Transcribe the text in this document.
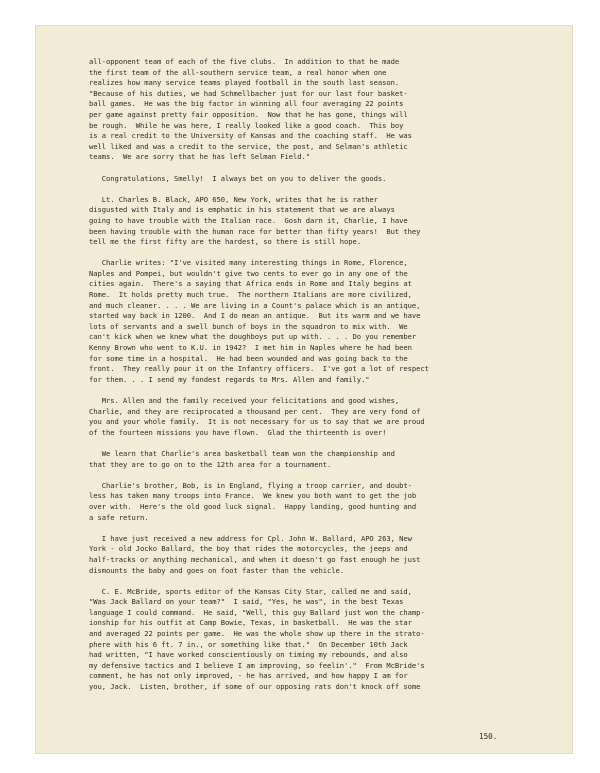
all-opponent team of each of the five clubs.  In addition to that he made
the first team of the all-southern service team, a real honor when one
realizes how many service teams played football in the south last season.
"Because of his duties, we had Schmellbacher just for our last four basket-
ball games.  He was the big factor in winning all four averaging 22 points
per game against pretty fair opposition.  Now that he has gone, things will
be rough.  While he was here, I really looked like a good coach.  This boy
is a real credit to the University of Kansas and the coaching staff.  He was
well liked and was a credit to the service, the post, and Selman's athletic
teams.  We are sorry that he has left Selman Field."
Congratulations, Smelly!  I always bet on you to deliver the goods.
Lt. Charles B. Black, APO 650, New York, writes that he is rather
disgusted with Italy and is emphatic in his statement that we are always
going to have trouble with the Italian race.  Gosh darn it, Charlie, I have
been having trouble with the human race for better than fifty years!  But they
tell me the first fifty are the hardest, so there is still hope.
Charlie writes: "I've visited many interesting things in Rome, Florence,
Naples and Pompei, but wouldn't give two cents to ever go in any one of the
cities again.  There's a saying that Africa ends in Rome and Italy begins at
Rome.  It holds pretty much true.  The northern Italians are more civilized,
and much cleaner. . . . We are living in a Count's palace which is an antique,
started way back in 1200.  And I do mean an antique.  But its warm and we have
lots of servants and a swell bunch of boys in the squadron to mix with.  We
can't kick when we knew what the doughboys put up with. . . . Do you remember
Kenny Brown who went to K.U. in 1942?  I met him in Naples where he had been
for some time in a hospital.  He had been wounded and was going back to the
front.  They really pour it on the Infantry officers.  I've got a lot of respect
for them. . . I send my fondest regards to Mrs. Allen and family."
Mrs. Allen and the family received your felicitations and good wishes,
Charlie, and they are reciprocated a thousand per cent.  They are very fond of
you and your whole family.  It is not necessary for us to say that we are proud
of the fourteen missions you have flown.  Glad the thirteenth is over!
We learn that Charlie's area basketball team won the championship and
that they are to go on to the 12th area for a tournament.
Charlie's brother, Bob, is in England, flying a troop carrier, and doubt-
less has taken many troops into France.  We knew you both want to get the job
over with.  Here's the old good luck signal.  Happy landing, good hunting and
a safe return.
I have just received a new address for Cpl. John W. Ballard, APO 263, New
York - old Jocko Ballard, the boy that rides the motorcycles, the jeeps and
half-tracks or anything mechanical, and when it doesn't go fast enough he just
dismounts the baby and goes on foot faster than the vehicle.
C. E. McBride, sports editor of the Kansas City Star, called me and said,
"Was Jack Ballard on your team?"  I said, "Yes, he was", in the best Texas
language I could command.  He said, "Well, this guy Ballard just won the champ-
ionship for his outfit at Camp Bowie, Texas, in basketball.  He was the star
and averaged 22 points per game.  He was the whole show up there in the strato-
phere with his 6 ft. 7 in., or something like that."  On December 10th Jack
had written, "I have worked conscientiously on timing my rebounds, and also
my defensive tactics and I believe I am improving, so feelin'."  From McBride's
comment, he has not only improved, - he has arrived, and how happy I am for
you, Jack.  Listen, brother, if some of our opposing rats don't knock off some
150.
